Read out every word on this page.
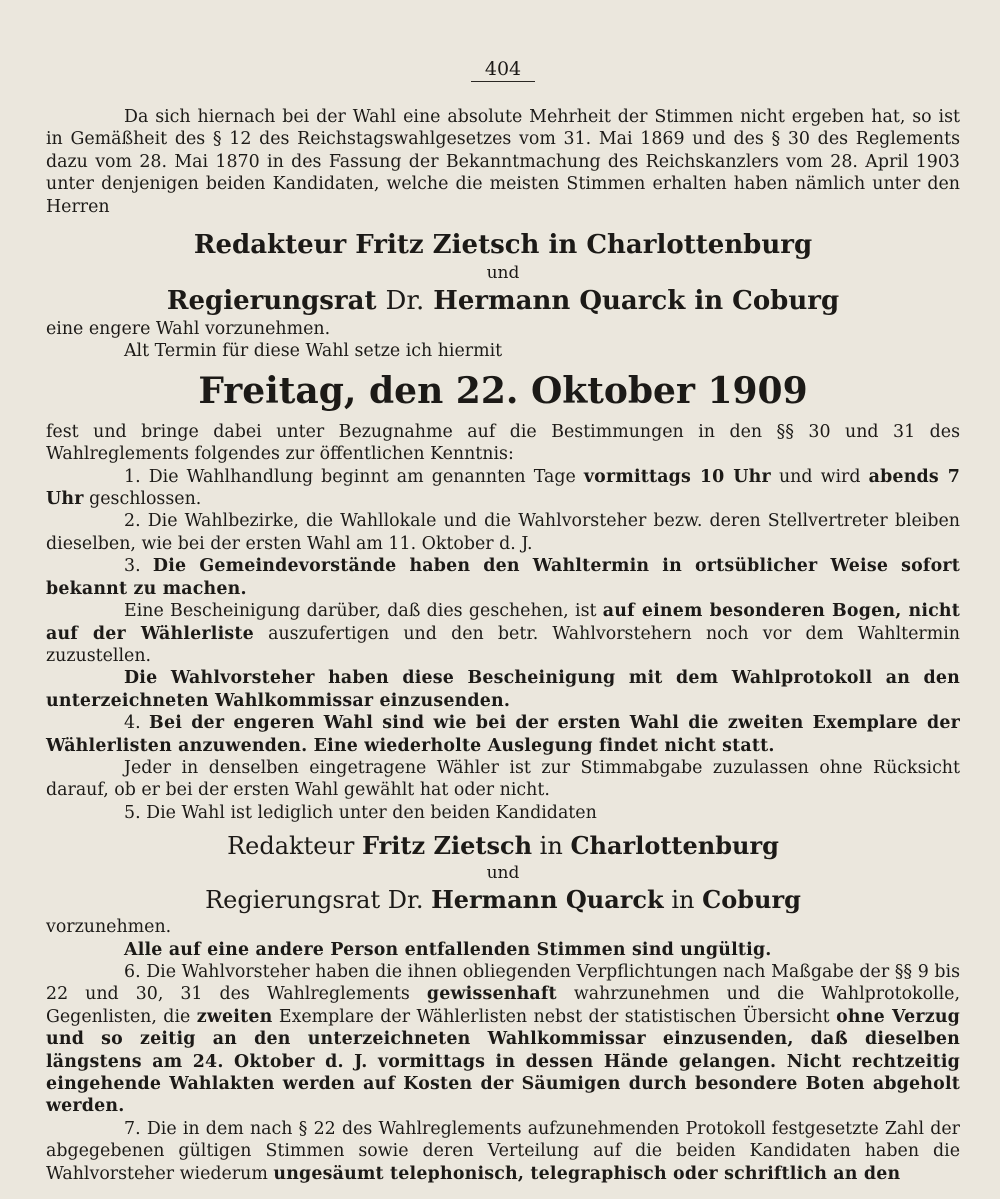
404

Da sich hiernach bei der Wahl eine absolute Mehrheit der Stimmen nicht ergeben hat, so ist in Gemäßheit des § 12 des Reichstagswahlgesetzes vom 31. Mai 1869 und des § 30 des Reglements dazu vom 28. Mai 1870 in des Fassung der Bekanntmachung des Reichskanzlers vom 28. April 1903 unter denjenigen beiden Kandidaten, welche die meisten Stimmen erhalten haben nämlich unter den Herren

Redakteur Fritz Zietsch in Charlottenburg

und

Regierungsrat Dr. Hermann Quarck in Coburg

eine engere Wahl vorzunehmen.

Alt Termin für diese Wahl setze ich hiermit

Freitag, den 22. Oktober 1909

fest und bringe dabei unter Bezugnahme auf die Bestimmungen in den §§ 30 und 31 des Wahlreglements folgendes zur öffentlichen Kenntnis:

1. Die Wahlhandlung beginnt am genannten Tage vormittags 10 Uhr und wird abends 7 Uhr geschlossen.

2. Die Wahlbezirke, die Wahllokale und die Wahlvorsteher bezw. deren Stellvertreter bleiben dieselben, wie bei der ersten Wahl am 11. Oktober d. J.

3. Die Gemeindevorstände haben den Wahltermin in ortsüblicher Weise sofort bekannt zu machen.

Eine Bescheinigung darüber, daß dies geschehen, ist auf einem besonderen Bogen, nicht auf der Wählerliste auszufertigen und den betr. Wahlvorstehern noch vor dem Wahltermin zuzustellen.

Die Wahlvorsteher haben diese Bescheinigung mit dem Wahlprotokoll an den unterzeichneten Wahlkommissar einzusenden.

4. Bei der engeren Wahl sind wie bei der ersten Wahl die zweiten Exemplare der Wählerlisten anzuwenden. Eine wiederholte Auslegung findet nicht statt.

Jeder in denselben eingetragene Wähler ist zur Stimmabgabe zuzulassen ohne Rücksicht darauf, ob er bei der ersten Wahl gewählt hat oder nicht.

5. Die Wahl ist lediglich unter den beiden Kandidaten

Redakteur Fritz Zietsch in Charlottenburg

und

Regierungsrat Dr. Hermann Quarck in Coburg

vorzunehmen.

Alle auf eine andere Person entfallenden Stimmen sind ungültig.

6. Die Wahlvorsteher haben die ihnen obliegenden Verpflichtungen nach Maßgabe der §§ 9 bis 22 und 30, 31 des Wahlreglements gewissenhaft wahrzunehmen und die Wahlprotokolle, Gegenlisten, die zweiten Exemplare der Wählerlisten nebst der statistischen Übersicht ohne Verzug und so zeitig an den unterzeichneten Wahlkommissar einzusenden, daß dieselben längstens am 24. Oktober d. J. vormittags in dessen Hände gelangen. Nicht rechtzeitig eingehende Wahlakten werden auf Kosten der Säumigen durch besondere Boten abgeholt werden.

7. Die in dem nach § 22 des Wahlreglements aufzunehmenden Protokoll festgesetzte Zahl der abgegebenen gültigen Stimmen sowie deren Verteilung auf die beiden Kandidaten haben die Wahlvorsteher wiederum ungesäumt telephonisch, telegraphisch oder schriftlich an den
